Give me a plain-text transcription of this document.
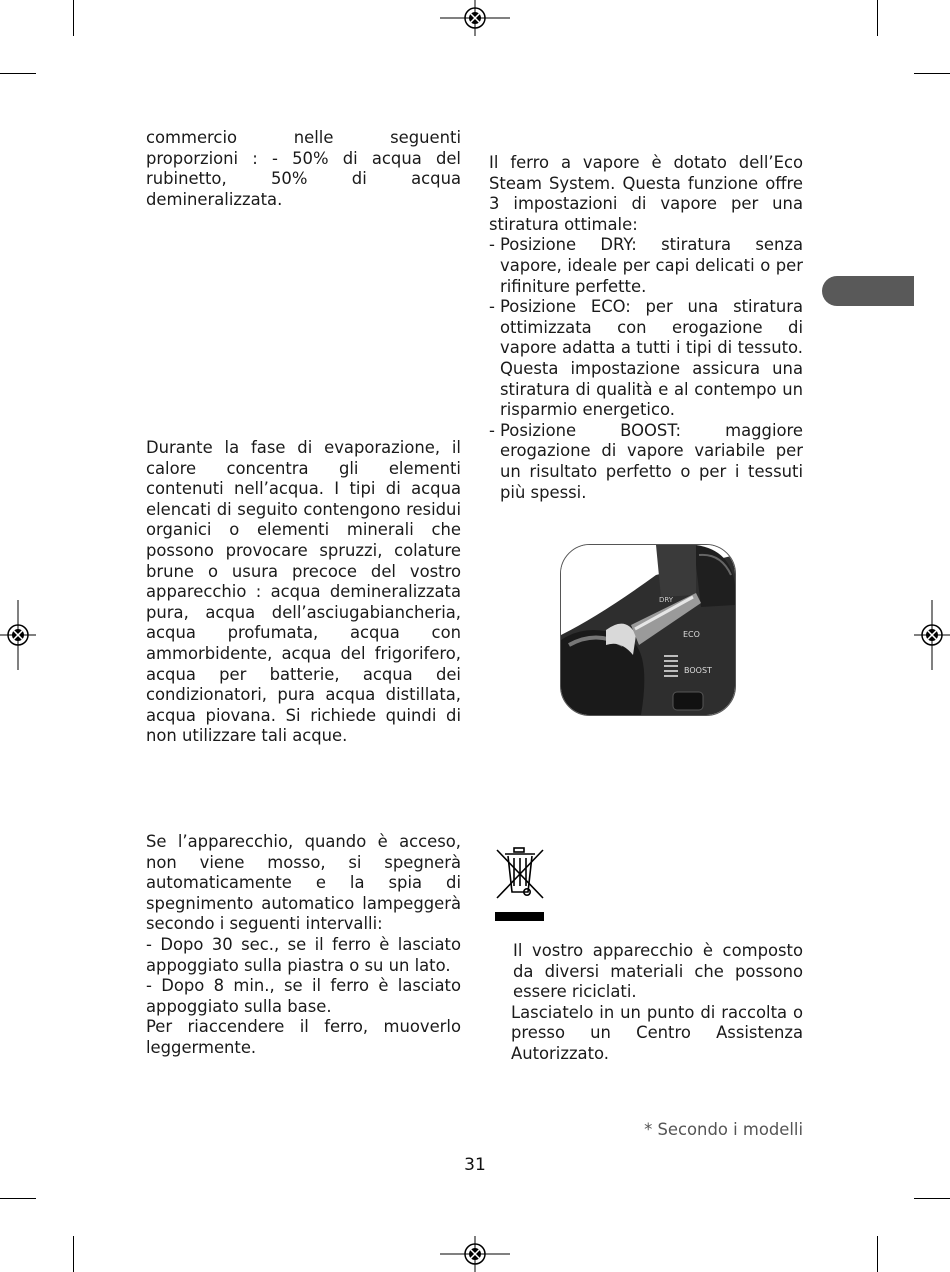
commercio nelle seguenti
proporzioni : - 50% di acqua del
rubinetto, 50% di acqua
demineralizzata.

Durante la fase di evaporazione, il calore concentra gli elementi contenuti nell’acqua. I tipi di acqua elencati di seguito contengono residui organici o elementi minerali che possono provocare spruzzi, colature brune o usura precoce del vostro apparecchio : acqua demineralizzata pura, acqua dell’asciugabiancheria, acqua profumata, acqua con ammorbidente, acqua del frigorifero, acqua per batterie, acqua dei condizionatori, pura acqua distillata, acqua piovana. Si richiede quindi di non utilizzare tali acque.

Se l’apparecchio, quando è acceso, non viene mosso, si spegnerà automaticamente e la spia di spegnimento automatico lampeggerà secondo i seguenti intervalli:
- Dopo 30 sec., se il ferro è lasciato appoggiato sulla piastra o su un lato.
- Dopo 8 min., se il ferro è lasciato appoggiato sulla base.
Per riaccendere il ferro, muoverlo leggermente.
Il ferro a vapore è dotato dell’Eco Steam System. Questa funzione offre 3 impostazioni di vapore per una stiratura ottimale:
- Posizione DRY: stiratura senza vapore, ideale per capi delicati o per rifiniture perfette.
- Posizione ECO: per una stiratura ottimizzata con erogazione di vapore adatta a tutti i tipi di tessuto. Questa impostazione assicura una stiratura di qualità e al contempo un risparmio energetico.
- Posizione BOOST: maggiore erogazione di vapore variabile per un risultato perfetto o per i tessuti più spessi.
DRY
ECO
BOOST
Il vostro apparecchio è composto da diversi materiali che possono essere riciclati.
Lasciatelo in un punto di raccolta o presso un Centro Assistenza Autorizzato.
* Secondo i modelli
31
